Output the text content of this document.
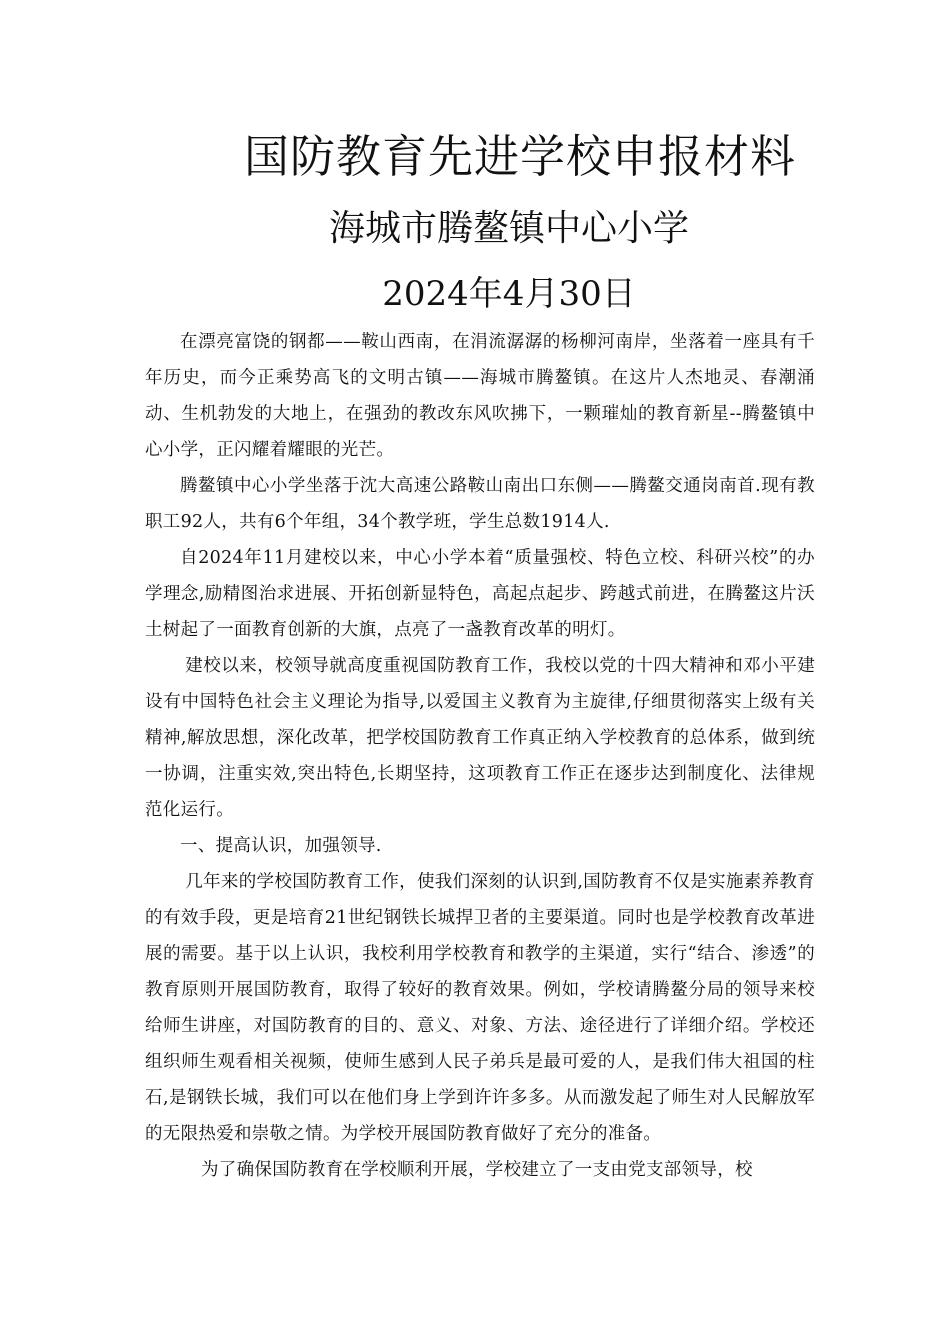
国防教育先进学校申报材料
海城市腾鳌镇中心小学
2024年4月30日

在漂亮富饶的钢都——鞍山西南，在涓流潺潺的杨柳河南岸，坐落着一座具有千年历史，而今正乘势高飞的文明古镇——海城市腾鳌镇。在这片人杰地灵、春潮涌动、生机勃发的大地上，在强劲的教改东风吹拂下，一颗璀灿的教育新星--腾鳌镇中心小学，正闪耀着耀眼的光芒。

腾鳌镇中心小学坐落于沈大高速公路鞍山南出口东侧——腾鳌交通岗南首.现有教职工92人，共有6个年组，34个教学班，学生总数1914人.

自2024年11月建校以来，中心小学本着“质量强校、特色立校、科研兴校”的办学理念,励精图治求进展、开拓创新显特色，高起点起步、跨越式前进，在腾鳌这片沃土树起了一面教育创新的大旗，点亮了一盏教育改革的明灯。

建校以来，校领导就高度重视国防教育工作，我校以党的十四大精神和邓小平建设有中国特色社会主义理论为指导,以爱国主义教育为主旋律,仔细贯彻落实上级有关精神,解放思想，深化改革，把学校国防教育工作真正纳入学校教育的总体系，做到统一协调，注重实效,突出特色,长期坚持，这项教育工作正在逐步达到制度化、法律规范化运行。

一、提高认识，加强领导.

几年来的学校国防教育工作，使我们深刻的认识到,国防教育不仅是实施素养教育的有效手段，更是培育21世纪钢铁长城捍卫者的主要渠道。同时也是学校教育改革进展的需要。基于以上认识，我校利用学校教育和教学的主渠道，实行“结合、渗透”的教育原则开展国防教育，取得了较好的教育效果。例如，学校请腾鳌分局的领导来校给师生讲座，对国防教育的目的、意义、对象、方法、途径进行了详细介绍。学校还组织师生观看相关视频，使师生感到人民子弟兵是最可爱的人，是我们伟大祖国的柱石,是钢铁长城，我们可以在他们身上学到许许多多。从而激发起了师生对人民解放军的无限热爱和崇敬之情。为学校开展国防教育做好了充分的准备。

为了确保国防教育在学校顺利开展，学校建立了一支由党支部领导，校
